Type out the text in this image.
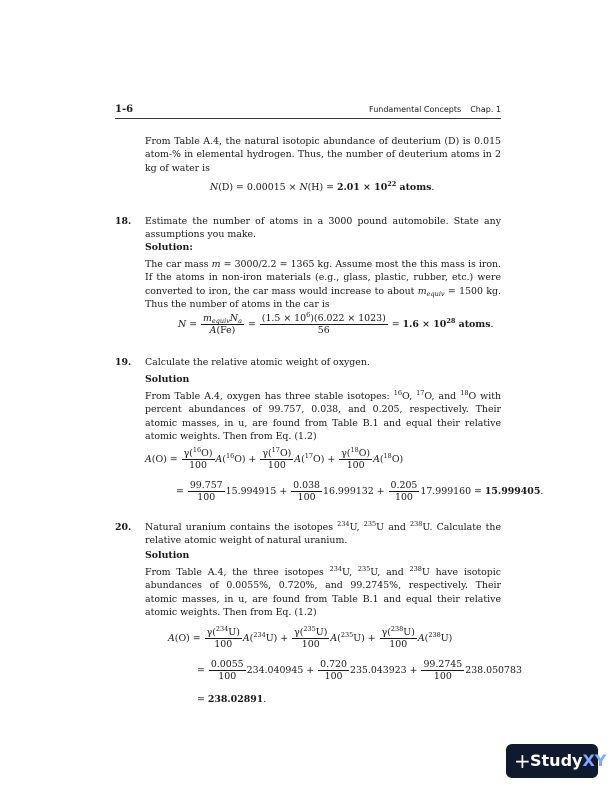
1-6	Fundamental Concepts Chap. 1

From Table A.4, the natural isotopic abundance of deuterium (D) is 0.015 atom-% in elemental hydrogen. Thus, the number of deuterium atoms in 2 kg of water is

$N(D) = 0.00015 \times N(H) = 2.01 \times 10^{22}$ atoms.
18. Estimate the number of atoms in a 3000 pound automobile. State any assumptions you make.

Solution:

The car mass m = 3000/2.2 = 1365 kg. Assume most the this mass is iron. If the atoms in non-iron materials (e.g., glass, plastic, rubber, etc.) were converted to iron, the car mass would increase to about $m_{equiv} = 1500$ kg. Thus the number of atoms in the car is

$N = \frac{m_{equiv}N_a}{A(Fe)} = \frac{(1.5 \times 10^6)(6.022 \times 1023)}{56} = 1.6 \times 10^{28}$ atoms.
19. Calculate the relative atomic weight of oxygen.

Solution

From Table A.4, oxygen has three stable isotopes: $^{16}$O, $^{17}$O, and $^{18}$O with percent abundances of 99.757, 0.038, and 0.205, respectively. Their atomic masses, in u, are found from Table B.1 and equal their relative atomic weights. Then from Eq. (1.2)

$A(O) = \frac{\gamma(^{16}O)}{100} A(^{16}O) + \frac{\gamma(^{17}O)}{100} A(^{17}O) + \frac{\gamma(^{18}O)}{100} A(^{18}O)$
= $\frac{99.757}{100} 15.994915 + \frac{0.038}{100} 16.999132 + \frac{0.205}{100} 17.999160 = 15.999405$.
20. Natural uranium contains the isotopes $^{234}$U, $^{235}$U and $^{238}$U. Calculate the relative atomic weight of natural uranium.

Solution

From Table A.4, the three isotopes $^{234}$U, $^{235}$U, and $^{238}$U have isotopic abundances of 0.0055%, 0.720%, and 99.2745%, respectively. Their atomic masses, in u, are found from Table B.1 and equal their relative atomic weights. Then from Eq. (1.2)

$A(O) = \frac{\gamma(^{234}U)}{100} A(^{234}U) + \frac{\gamma(^{235}U)}{100} A(^{235}U) + \frac{\gamma(^{238}U)}{100} A(^{238}U)$
= $\frac{0.0055}{100} 234.040945 + \frac{0.720}{100} 235.043923 + \frac{99.2745}{100} 238.050783$
= 238.02891.
+ StudyXY
